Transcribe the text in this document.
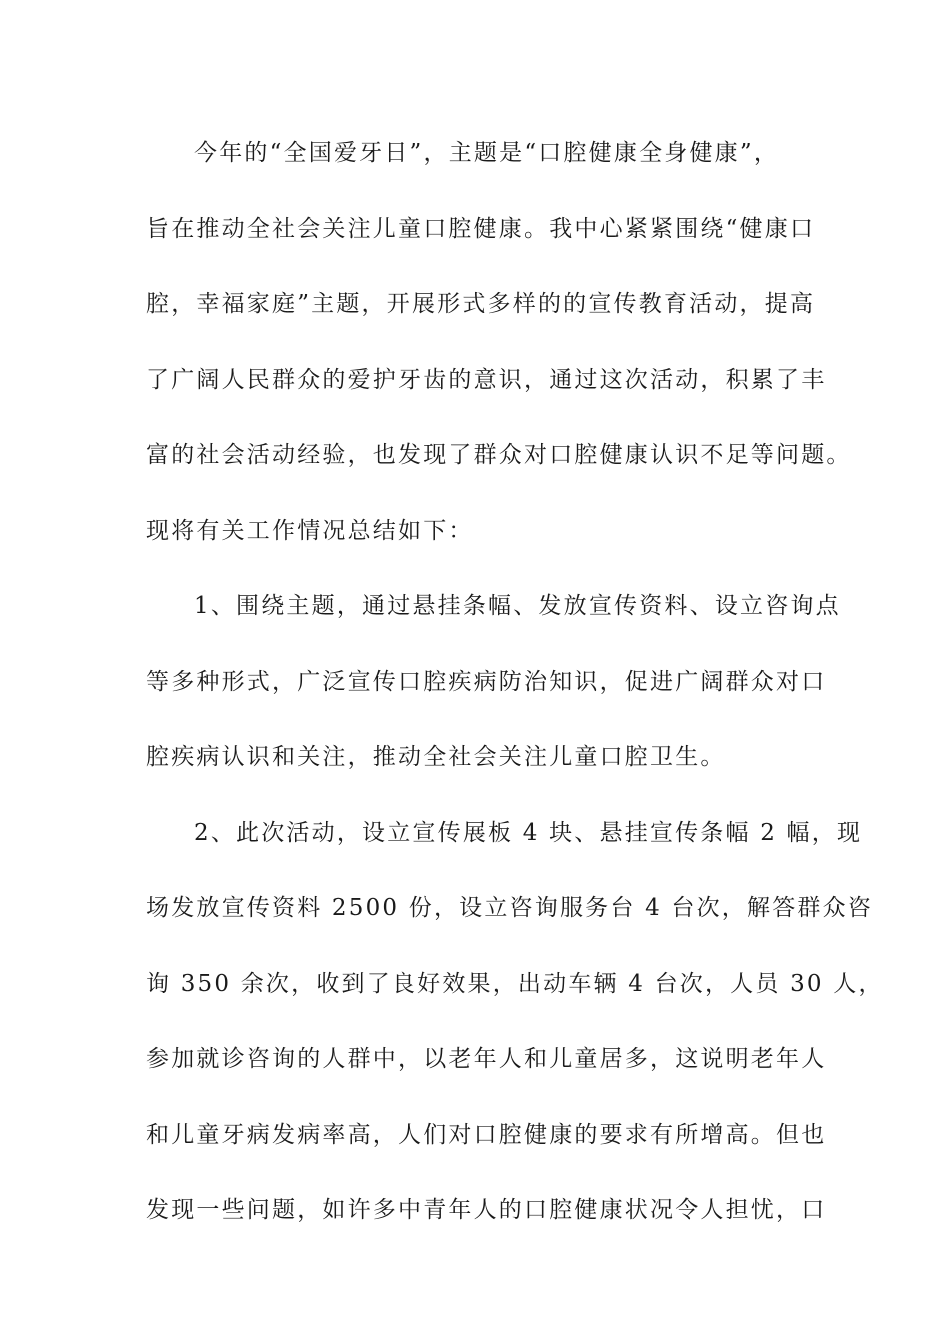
今年的“全国爱牙日”，主题是“口腔健康全身健康”，
旨在推动全社会关注儿童口腔健康。我中心紧紧围绕“健康口
腔，幸福家庭”主题，开展形式多样的的宣传教育活动，提高
了广阔人民群众的爱护牙齿的意识，通过这次活动，积累了丰
富的社会活动经验，也发现了群众对口腔健康认识不足等问题。
现将有关工作情况总结如下：
1、围绕主题，通过悬挂条幅、发放宣传资料、设立咨询点
等多种形式，广泛宣传口腔疾病防治知识，促进广阔群众对口
腔疾病认识和关注，推动全社会关注儿童口腔卫生。
2、此次活动，设立宣传展板 4 块、悬挂宣传条幅 2 幅，现
场发放宣传资料 2500 份，设立咨询服务台 4 台次，解答群众咨
询 350 余次，收到了良好效果，出动车辆 4 台次，人员 30 人，
参加就诊咨询的人群中，以老年人和儿童居多，这说明老年人
和儿童牙病发病率高，人们对口腔健康的要求有所增高。但也
发现一些问题，如许多中青年人的口腔健康状况令人担忧，口
